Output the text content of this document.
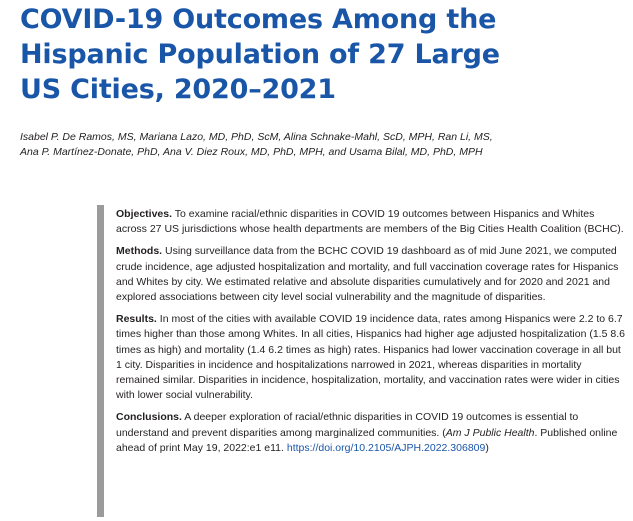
COVID-19 Outcomes Among the
Hispanic Population of 27 Large
US Cities, 2020–2021
Isabel P. De Ramos, MS, Mariana Lazo, MD, PhD, ScM, Alina Schnake-Mahl, ScD, MPH, Ran Li, MS,
Ana P. Martínez-Donate, PhD, Ana V. Diez Roux, MD, PhD, MPH, and Usama Bilal, MD, PhD, MPH

Objectives. To examine racial/ethnic disparities in COVID 19 outcomes between Hispanics and Whites across 27 US jurisdictions whose health departments are members of the Big Cities Health Coalition (BCHC).

Methods. Using surveillance data from the BCHC COVID 19 dashboard as of mid June 2021, we computed crude incidence, age adjusted hospitalization and mortality, and full vaccination coverage rates for Hispanics and Whites by city. We estimated relative and absolute disparities cumulatively and for 2020 and 2021 and explored associations between city level social vulnerability and the magnitude of disparities.

Results. In most of the cities with available COVID 19 incidence data, rates among Hispanics were 2.2 to 6.7 times higher than those among Whites. In all cities, Hispanics had higher age adjusted hospitalization (1.5 8.6 times as high) and mortality (1.4 6.2 times as high) rates. Hispanics had lower vaccination coverage in all but 1 city. Disparities in incidence and hospitalizations narrowed in 2021, whereas disparities in mortality remained similar. Disparities in incidence, hospitalization, mortality, and vaccination rates were wider in cities with lower social vulnerability.

Conclusions. A deeper exploration of racial/ethnic disparities in COVID 19 outcomes is essential to understand and prevent disparities among marginalized communities. (Am J Public Health. Published online ahead of print May 19, 2022:e1 e11. https://doi.org/10.2105/AJPH.2022.306809)
